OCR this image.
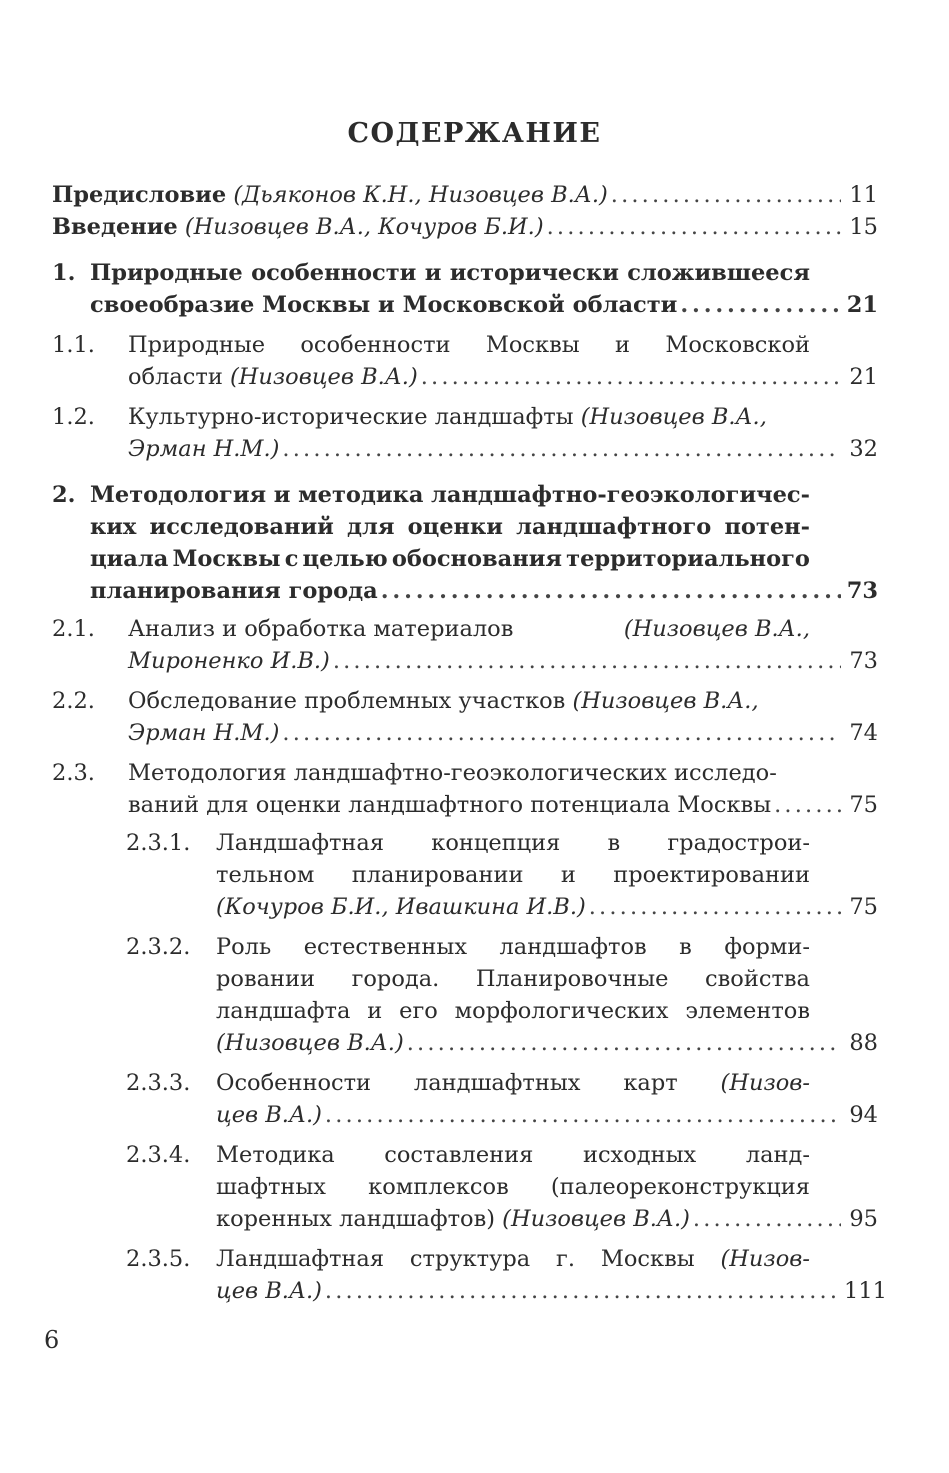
СОДЕРЖАНИЕ
Предисловие (Дьяконов К.Н., Низовцев В.А.) . . .	11
Введение (Низовцев В.А., Кочуров Б.И.) . . .	15
1. Природные особенности и исторически сложившееся
своеобразие Москвы и Московской области . . .	21
1.1. Природные особенности Москвы и Московской
области (Низовцев В.А.) . . .	21
1.2. Культурно-исторические ландшафты (Низовцев В.А.,
Эрман Н.М.) . . .	32
2. Методология и методика ландшафтно-геоэкологичес-
ких исследований для оценки ландшафтного потен-
циала Москвы с целью обоснования территориального
планирования города . . .	73
2.1. Анализ и обработка материалов	(Низовцев В.А.,
Мироненко И.В.) . . .	73
2.2. Обследование проблемных участков (Низовцев В.А.,
Эрман Н.М.) . . .	74
2.3. Методология ландшафтно-геоэкологических исследо-
ваний для оценки ландшафтного потенциала Москвы . . .	75
2.3.1. Ландшафтная концепция в градострои-
тельном планировании и проектировании
(Кочуров Б.И., Ивашкина И.В.) . . .	75
2.3.2. Роль естественных ландшафтов в форми-
ровании города. Планировочные свойства
ландшафта и его морфологических элементов
(Низовцев В.А.) . . .	88
2.3.3. Особенности ландшафтных карт (Низов-
цев В.А.) . . .	94
2.3.4. Методика составления исходных ланд-
шафтных комплексов (палеореконструкция
коренных ландшафтов) (Низовцев В.А.) . . .	95
2.3.5. Ландшафтная структура г. Москвы (Низов-
цев В.А.) . . .	111
6
